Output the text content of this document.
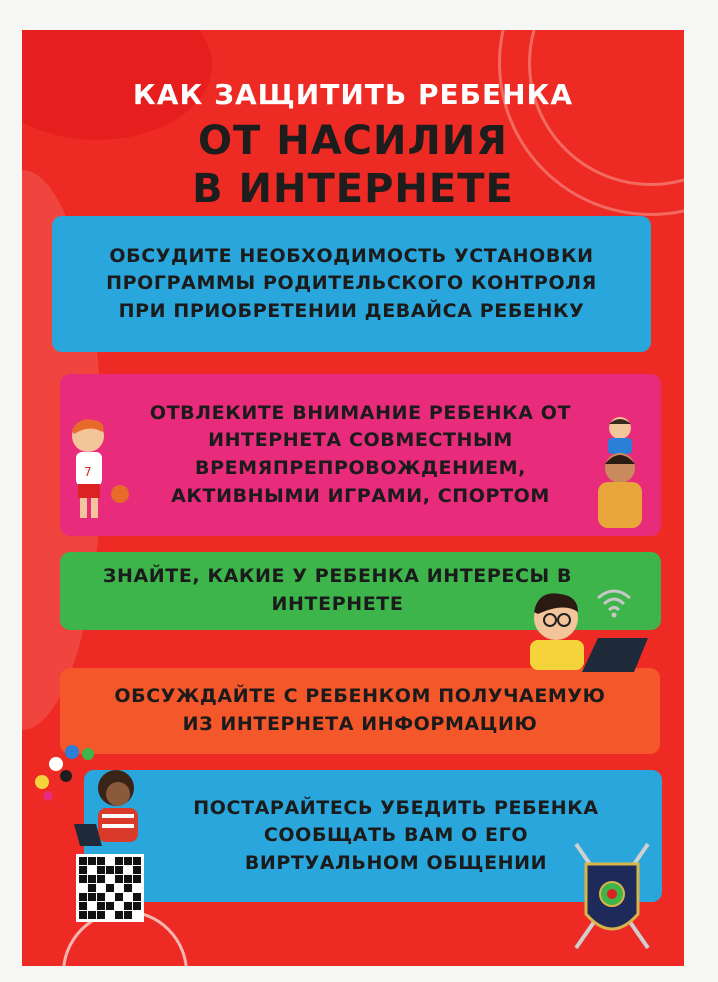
КАК ЗАЩИТИТЬ РЕБЕНКА
ОТ НАСИЛИЯ
В ИНТЕРНЕТЕ
ОБСУДИТЕ НЕОБХОДИМОСТЬ УСТАНОВКИ
ПРОГРАММЫ РОДИТЕЛЬСКОГО КОНТРОЛЯ
ПРИ ПРИОБРЕТЕНИИ ДЕВАЙСА РЕБЕНКУ
ОТВЛЕКИТЕ ВНИМАНИЕ РЕБЕНКА ОТ
ИНТЕРНЕТА СОВМЕСТНЫМ
ВРЕМЯПРЕПРОВОЖДЕНИЕМ,
АКТИВНЫМИ ИГРАМИ, СПОРТОМ
ЗНАЙТЕ, КАКИЕ У РЕБЕНКА ИНТЕРЕСЫ В
ИНТЕРНЕТЕ
ОБСУЖДАЙТЕ С РЕБЕНКОМ ПОЛУЧАЕМУЮ
ИЗ ИНТЕРНЕТА ИНФОРМАЦИЮ
ПОСТАРАЙТЕСЬ УБЕДИТЬ РЕБЕНКА
СООБЩАТЬ ВАМ О ЕГО
ВИРТУАЛЬНОМ ОБЩЕНИИ
7
